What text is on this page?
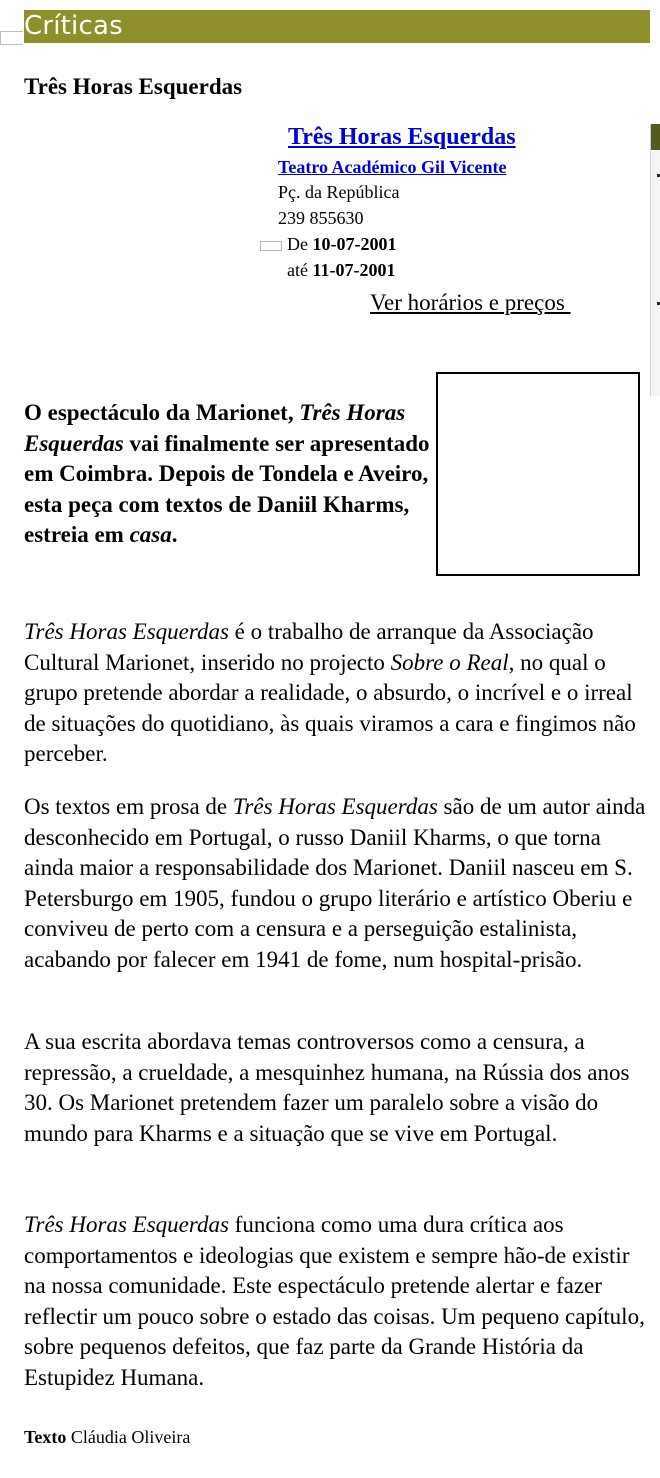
Críticas
Três Horas Esquerdas
Três Horas Esquerdas
Teatro Académico Gil Vicente
Pç. da República
239 855630
De 10-07-2001
até 11-07-2001
Ver horários e preços

O espectáculo da Marionet, Três Horas Esquerdas vai finalmente ser apresentado em Coimbra. Depois de Tondela e Aveiro, esta peça com textos de Daniil Kharms, estreia em casa.

Três Horas Esquerdas é o trabalho de arranque da Associação Cultural Marionet, inserido no projecto Sobre o Real, no qual o grupo pretende abordar a realidade, o absurdo, o incrível e o irreal de situações do quotidiano, às quais viramos a cara e fingimos não perceber.

Os textos em prosa de Três Horas Esquerdas são de um autor ainda desconhecido em Portugal, o russo Daniil Kharms, o que torna ainda maior a responsabilidade dos Marionet. Daniil nasceu em S. Petersburgo em 1905, fundou o grupo literário e artístico Oberiu e conviveu de perto com a censura e a perseguição estalinista, acabando por falecer em 1941 de fome, num hospital-prisão.

A sua escrita abordava temas controversos como a censura, a repressão, a crueldade, a mesquinhez humana, na Rússia dos anos 30. Os Marionet pretendem fazer um paralelo sobre a visão do mundo para Kharms e a situação que se vive em Portugal.

Três Horas Esquerdas funciona como uma dura crítica aos comportamentos e ideologias que existem e sempre hão-de existir na nossa comunidade. Este espectáculo pretende alertar e fazer reflectir um pouco sobre o estado das coisas. Um pequeno capítulo, sobre pequenos defeitos, que faz parte da Grande História da Estupidez Humana.

Texto Cláudia Oliveira
